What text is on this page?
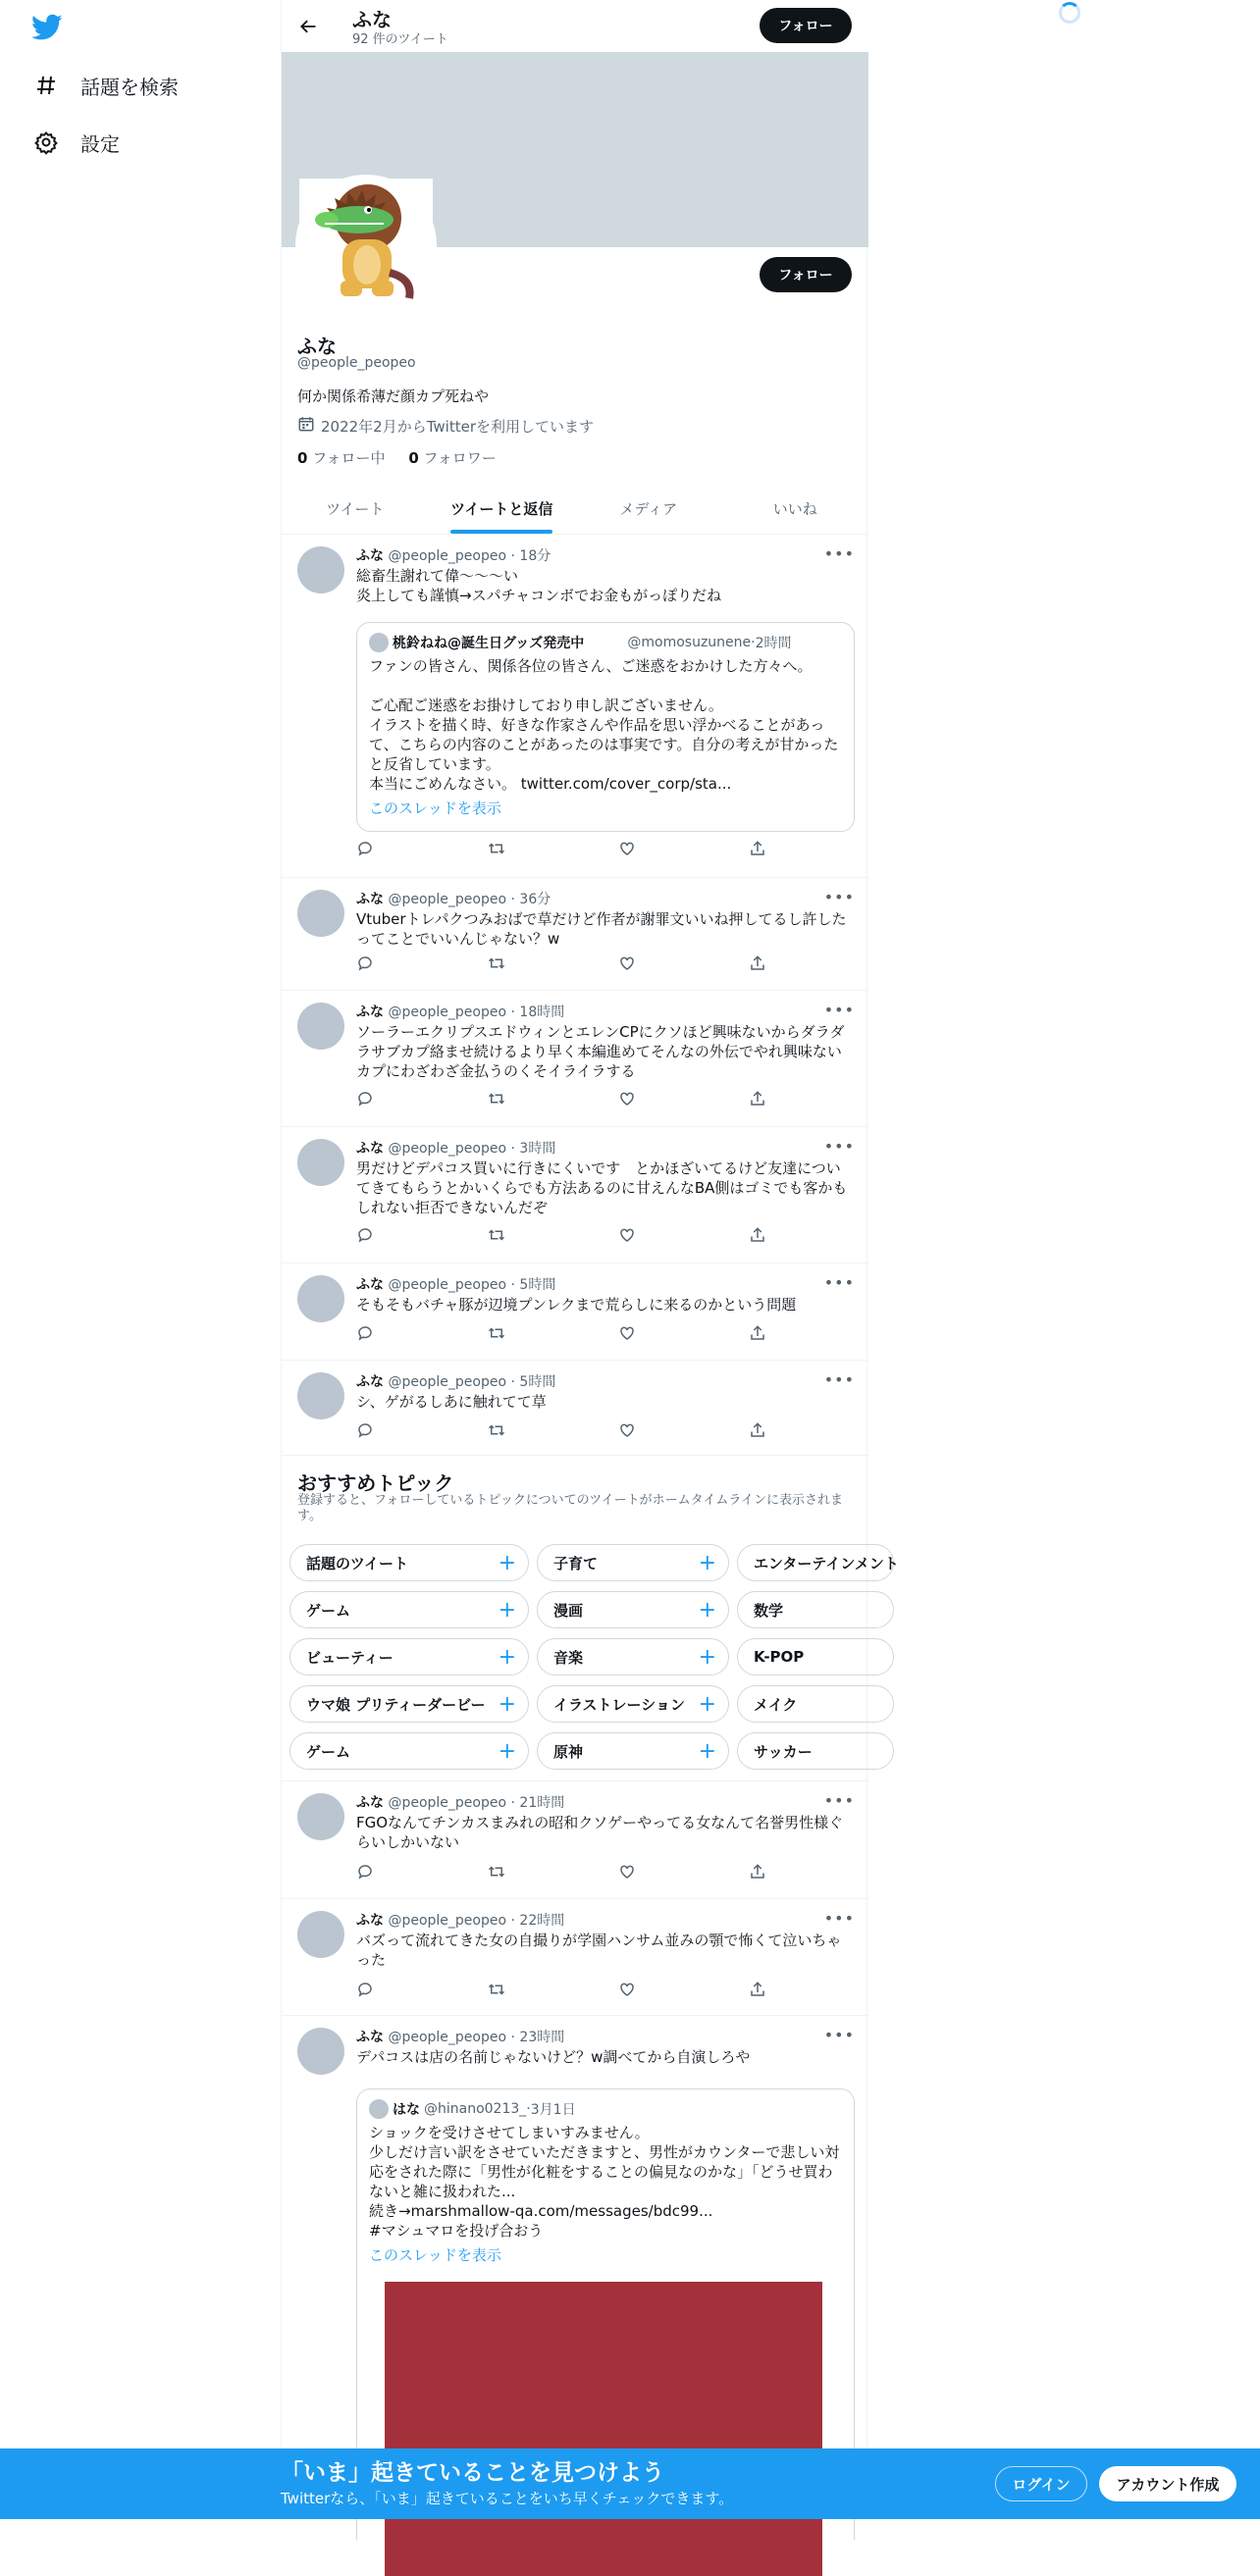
話題を検索
設定
ふな
92 件のツイート
フォロー
フォロー
ふな
@people_peopeo
何か関係希薄だ顔カプ死ねや
2022年2月からTwitterを利用しています
0 フォロー中 0 フォロワー
ツイート	ツイートと返信	メディア	いいね
ふな @people_peopeo · 18分	•••
総畜生謝れて偉〜〜〜い
炎上しても謹慎→スパチャコンボでお金もがっぽりだね
桃鈴ねね@誕生日グッズ発売中
	@momosuzunene · 2時間
ファンの皆さん、関係各位の皆さん、ご迷惑をおかけした方々へ。

ご心配ご迷惑をお掛けしており申し訳ございません。
イラストを描く時、好きな作家さんや作品を思い浮かべることがあって、こちらの内容のことがあったのは事実です。自分の考えが甘かったと反省しています。
本当にごめんなさい。 twitter.com/cover_corp/sta...
このスレッドを表示
ふな @people_peopeo · 36分	•••
Vtuberトレパクつみおばで草だけど作者が謝罪文いいね押してるし許したってことでいいんじゃない？w
ふな @people_peopeo · 18時間	•••
ソーラーエクリプスエドウィンとエレンCPにクソほど興味ないからダラダラサブカプ絡ませ続けるより早く本編進めてそんなの外伝でやれ興味ないカプにわざわざ金払うのくそイライラする
ふな @people_peopeo · 3時間	•••
男だけどデパコス買いに行きにくいです　とかほざいてるけど友達についてきてもらうとかいくらでも方法あるのに甘えんなBA側はゴミでも客かもしれない拒否できないんだぞ
ふな @people_peopeo · 5時間	•••
そもそもバチャ豚が辺境プンレクまで荒らしに来るのかという問題
ふな @people_peopeo · 5時間	•••
シ、ゲがるしあに触れてて草
おすすめトピック
登録すると、フォローしているトピックについてのツイートがホームタイムラインに表示されます。
話題のツイート	+	子育て	+	エンターテインメント
ゲーム	+	漫画	+	数学
ビューティー	+	音楽	+	K-POP
ウマ娘 プリティーダービー +	イラストレーション +	メイク
ゲーム	+	原神	+	サッカー
ふな @people_peopeo · 21時間	•••
FGOなんてチンカスまみれの昭和クソゲーやってる女なんて名誉男性様ぐらいしかいない
ふな @people_peopeo · 22時間	•••
バズって流れてきた女の自撮りが学園ハンサム並みの顎で怖くて泣いちゃった
ふな @people_peopeo · 23時間	•••
デパコスは店の名前じゃないけど？w調べてから自演しろや
はな @hinano0213_ · 3月1日
ショックを受けさせてしまいすみません。
少しだけ言い訳をさせていただきますと、男性がカウンターで悲しい対応をされた際に「男性が化粧をすることの偏見なのかな」「どうせ買わないと雑に扱われた...
続き→marshmallow-qa.com/messages/bdc99...
#マシュマロを投げ合おう
このスレッドを表示
「いま」起きていることを見つけよう
Twitterなら、「いま」起きていることをいち早くチェックできます。
ログイン	アカウント作成
